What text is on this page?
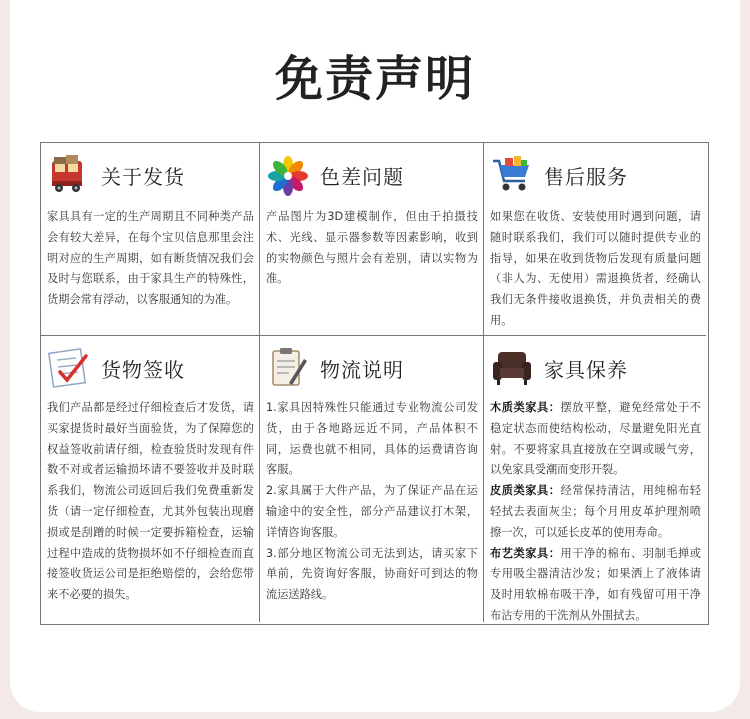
免责声明
关于发货
家具具有一定的生产周期且不同种类产品会有较大差异，在每个宝贝信息那里会注明对应的生产周期，如有断货情况我们会及时与您联系，由于家具生产的特殊性，货期会常有浮动，以客服通知的为准。
色差问题
产品图片为3D建模制作，但由于拍摄技术、光线、显示器参数等因素影响，收到的实物颜色与照片会有差别，请以实物为准。
售后服务
如果您在收货、安装使用时遇到问题，请随时联系我们，我们可以随时提供专业的指导，如果在收到货物后发现有质量问题（非人为、无使用）需退换货者，经确认我们无条件接收退换货，并负责相关的费用。
货物签收
我们产品都是经过仔细检查后才发货，请买家提货时最好当面验货，为了保障您的权益签收前请仔细，检查验货时发现有件数不对或者运输损坏请不要签收并及时联系我们，物流公司返回后我们免费重新发货（请一定仔细检查，尤其外包装出现磨损或是刮蹭的时候一定要拆箱检查，运输过程中造成的货物损坏如不仔细检查而直接签收货运公司是拒绝赔偿的，会给您带来不必要的损失。
物流说明

1.家具因特殊性只能通过专业物流公司发货，由于各地路远近不同，产品体积不同，运费也就不相同，具体的运费请咨询客服。

2.家具属于大件产品，为了保证产品在运输途中的安全性，部分产品建议打木架，详情咨询客服。

3.部分地区物流公司无法到达，请买家下单前，先资询好客服，协商好可到达的物流运送路线。

家具保养

木质类家具：摆放平整，避免经常处于不稳定状态而使结构松动，尽量避免阳光直射。不要将家具直接放在空调或暖气旁，以免家具受潮而变形开裂。

皮质类家具：经常保持清洁，用纯棉布轻轻拭去表面灰尘；每个月用皮革护理剂喷擦一次，可以延长皮革的使用寿命。

布艺类家具：用干净的棉布、羽制毛掸或专用吸尘器清洁沙发；如果洒上了液体请及时用软棉布吸干净，如有残留可用干净布沾专用的干洗剂从外围拭去。
